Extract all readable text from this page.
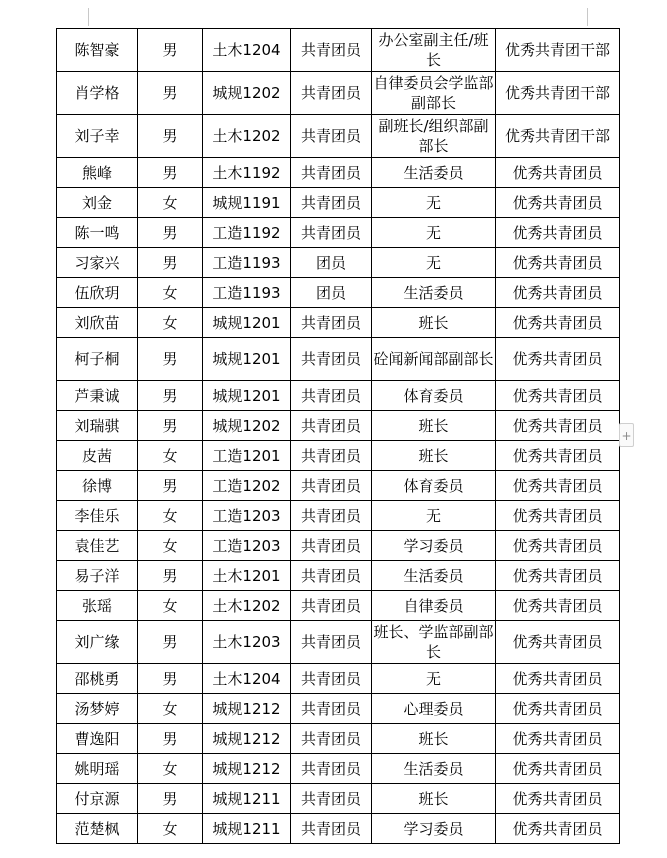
陈智豪	男	土木1204	共青团员	办公室副主任/班长	优秀共青团干部
肖学格	男	城规1202	共青团员	自律委员会学监部副部长	优秀共青团干部
刘子幸	男	土木1202	共青团员	副班长/组织部副部长	优秀共青团干部
熊峰	男	土木1192	共青团员	生活委员	优秀共青团员
刘金	女	城规1191	共青团员	无	优秀共青团员
陈一鸣	男	工造1192	共青团员	无	优秀共青团员
习家兴	男	工造1193	团员	无	优秀共青团员
伍欣玥	女	工造1193	团员	生活委员	优秀共青团员
刘欣苗	女	城规1201	共青团员	班长	优秀共青团员
柯子桐	男	城规1201	共青团员	砼闻新闻部副部长	优秀共青团员
芦秉诚	男	城规1201	共青团员	体育委员	优秀共青团员
刘瑞骐	男	城规1202	共青团员	班长	优秀共青团员
皮茜	女	工造1201	共青团员	班长	优秀共青团员
徐博	男	工造1202	共青团员	体育委员	优秀共青团员
李佳乐	女	工造1203	共青团员	无	优秀共青团员
袁佳艺	女	工造1203	共青团员	学习委员	优秀共青团员
易子洋	男	土木1201	共青团员	生活委员	优秀共青团员
张瑶	女	土木1202	共青团员	自律委员	优秀共青团员
刘广缘	男	土木1203	共青团员	班长、学监部副部长	优秀共青团员
邵桃勇	男	土木1204	共青团员	无	优秀共青团员
汤梦婷	女	城规1212	共青团员	心理委员	优秀共青团员
曹逸阳	男	城规1212	共青团员	班长	优秀共青团员
姚明瑶	女	城规1212	共青团员	生活委员	优秀共青团员
付京源	男	城规1211	共青团员	班长	优秀共青团员
范楚枫	女	城规1211	共青团员	学习委员	优秀共青团员
+
